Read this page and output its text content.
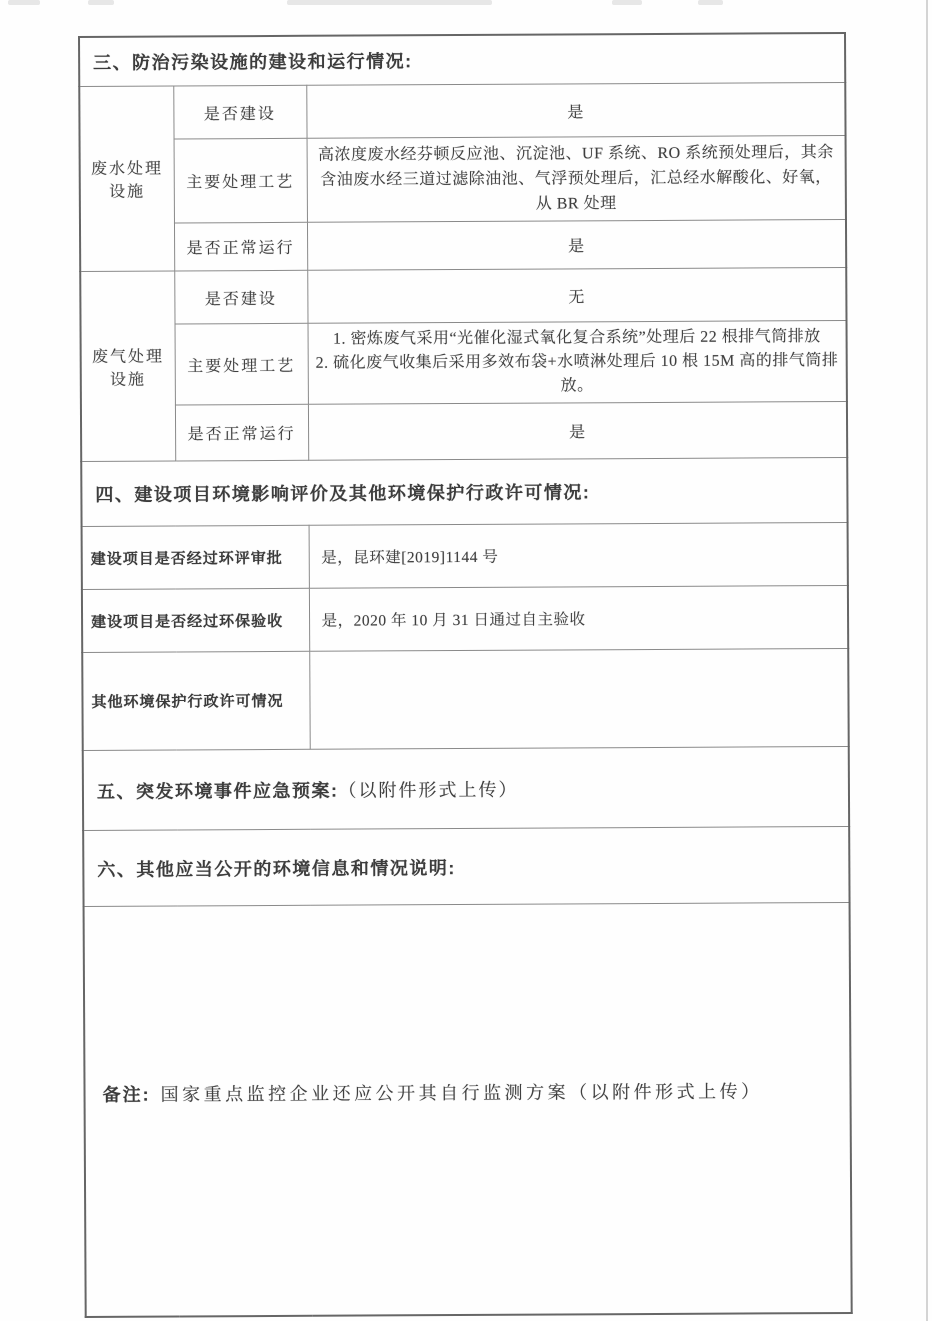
三、防治污染设施的建设和运行情况:		
废水处理设施	是否建设	是
	主要处理工艺	高浓度废水经芬顿反应池、沉淀池、UF 系统、RO 系统预处理后，其余含油废水经三道过滤除油池、气浮预处理后，汇总经水解酸化、好氧，从 BR 处理
	是否正常运行	是
废气处理设施	是否建设	无
	主要处理工艺	1. 密炼废气采用“光催化湿式氧化复合系统”处理后 22 根排气筒排放
2. 硫化废气收集后采用多效布袋+水喷淋处理后 10 根 15M 高的排气筒排放。

	是否正常运行	是
四、建设项目环境影响评价及其他环境保护行政许可情况:		
建设项目是否经过环评审批		是，昆环建[2019]1144 号
建设项目是否经过环保验收		是，2020 年 10 月 31 日通过自主验收
其他环境保护行政许可情况		
五、突发环境事件应急预案:（以附件形式上传）		
六、其他应当公开的环境信息和情况说明:		

备注: 国家重点监控企业还应公开其自行监测方案（以附件形式上传）		
